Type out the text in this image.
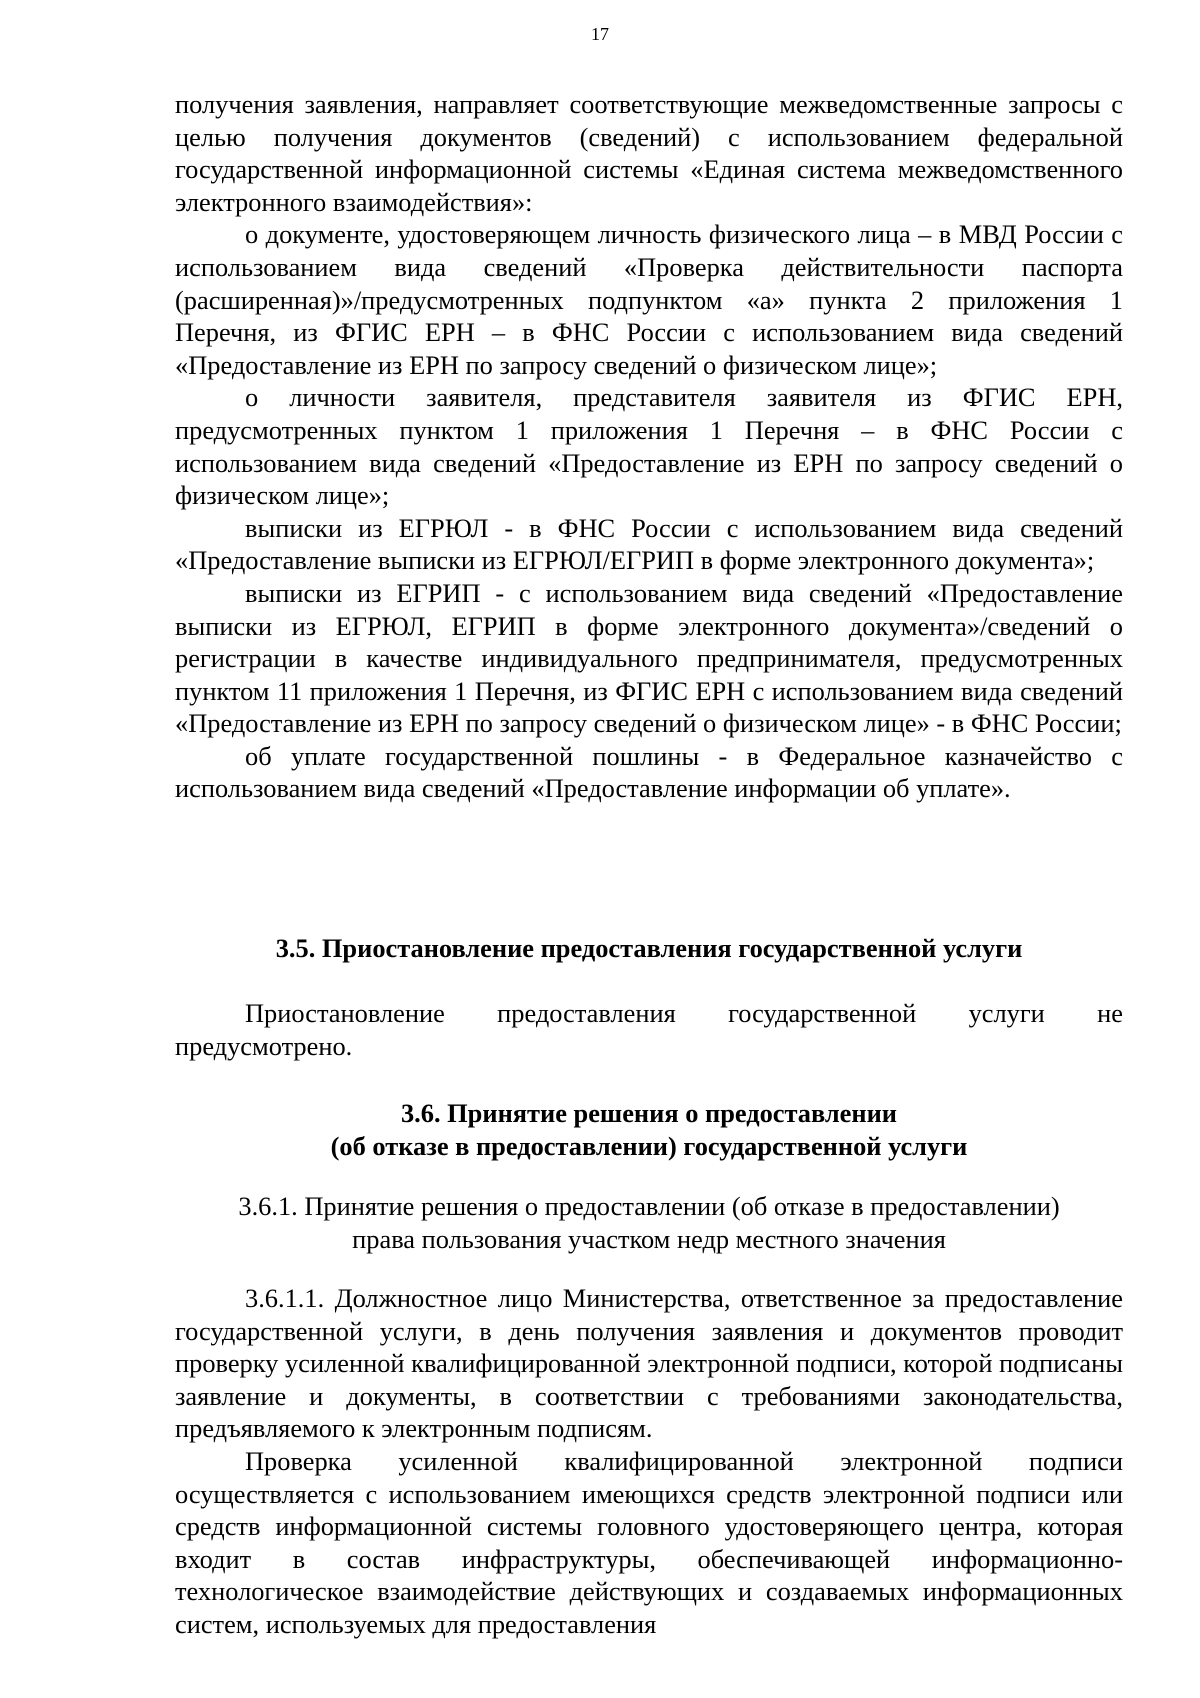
17

получения заявления, направляет соответствующие межведомственные запросы с целью получения документов (сведений) с использованием федеральной государственной информационной системы «Единая система межведомственного электронного взаимодействия»:

о документе, удостоверяющем личность физического лица – в МВД России с использованием вида сведений «Проверка действительности паспорта (расширенная)»/предусмотренных подпунктом «а» пункта 2 приложения 1 Перечня, из ФГИС ЕРН – в ФНС России с использованием вида сведений «Предоставление из ЕРН по запросу сведений о физическом лице»;

о личности заявителя, представителя заявителя из ФГИС ЕРН, предусмотренных пунктом 1 приложения 1 Перечня – в ФНС России с использованием вида сведений «Предоставление из ЕРН по запросу сведений о физическом лице»;

выписки из ЕГРЮЛ - в ФНС России с использованием вида сведений «Предоставление выписки из ЕГРЮЛ/ЕГРИП в форме электронного документа»;

выписки из ЕГРИП - с использованием вида сведений «Предоставление выписки из ЕГРЮЛ, ЕГРИП в форме электронного документа»/сведений о регистрации в качестве индивидуального предпринимателя, предусмотренных пунктом 11 приложения 1 Перечня, из ФГИС ЕРН с использованием вида сведений «Предоставление из ЕРН по запросу сведений о физическом лице» - в ФНС России;

об уплате государственной пошлины - в Федеральное казначейство с использованием вида сведений «Предоставление информации об уплате».

3.5. Приостановление предоставления государственной услуги

Приостановление предоставления государственной услуги не предусмотрено.

3.6. Принятие решения о предоставлении
(об отказе в предоставлении) государственной услуги
3.6.1. Принятие решения о предоставлении (об отказе в предоставлении)
права пользования участком недр местного значения

3.6.1.1. Должностное лицо Министерства, ответственное за предоставление государственной услуги, в день получения заявления и документов проводит проверку усиленной квалифицированной электронной подписи, которой подписаны заявление и документы, в соответствии с требованиями законодательства, предъявляемого к электронным подписям.

Проверка усиленной квалифицированной электронной подписи осуществляется с использованием имеющихся средств электронной подписи или средств информационной системы головного удостоверяющего центра, которая входит в состав инфраструктуры, обеспечивающей информационно-технологическое взаимодействие действующих и создаваемых информационных систем, используемых для предоставления
